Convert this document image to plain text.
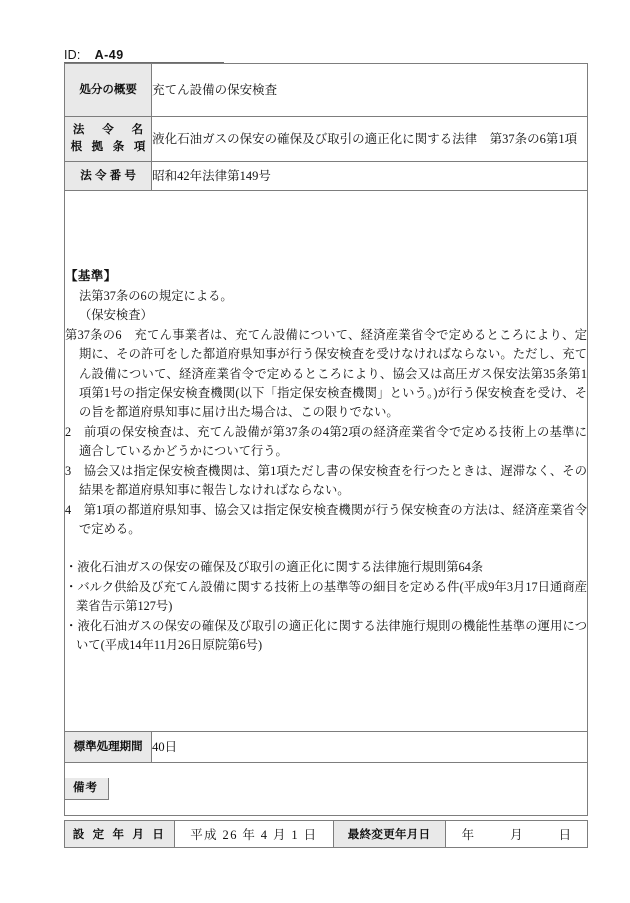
ID: A-49
処分の概要	充てん設備の保安検査

法　令　名
根 拠 条 項	液化石油ガスの保安の確保及び取引の適正化に関する法律　第37条の6第1項
法 令 番 号	昭和42年法律第149号

【基準】
法第37条の6の規定による。
（保安検査）
第37条の6　充てん事業者は、充てん設備について、経済産業省令で定めるところにより、定期に、その許可をした都道府県知事が行う保安検査を受けなければならない。ただし、充てん設備について、経済産業省令で定めるところにより、協会又は高圧ガス保安法第35条第1項第1号の指定保安検査機関(以下「指定保安検査機関」という。)が行う保安検査を受け、その旨を都道府県知事に届け出た場合は、この限りでない。
2　前項の保安検査は、充てん設備が第37条の4第2項の経済産業省令で定める技術上の基準に適合しているかどうかについて行う。
3　協会又は指定保安検査機関は、第1項ただし書の保安検査を行つたときは、遅滞なく、その結果を都道府県知事に報告しなければならない。
4　第1項の都道府県知事、協会又は指定保安検査機関が行う保安検査の方法は、経済産業省令で定める。
・液化石油ガスの保安の確保及び取引の適正化に関する法律施行規則第64条
・バルク供給及び充てん設備に関する技術上の基準等の細目を定める件(平成9年3月17日通商産業省告示第127号)
・液化石油ガスの保安の確保及び取引の適正化に関する法律施行規則の機能性基準の運用について(平成14年11月26日原院第6号)

標準処理期間	40日
備考	
設 定 年 月 日	平成 26 年 4 月 1 日	最終変更年月日	年	月	日
